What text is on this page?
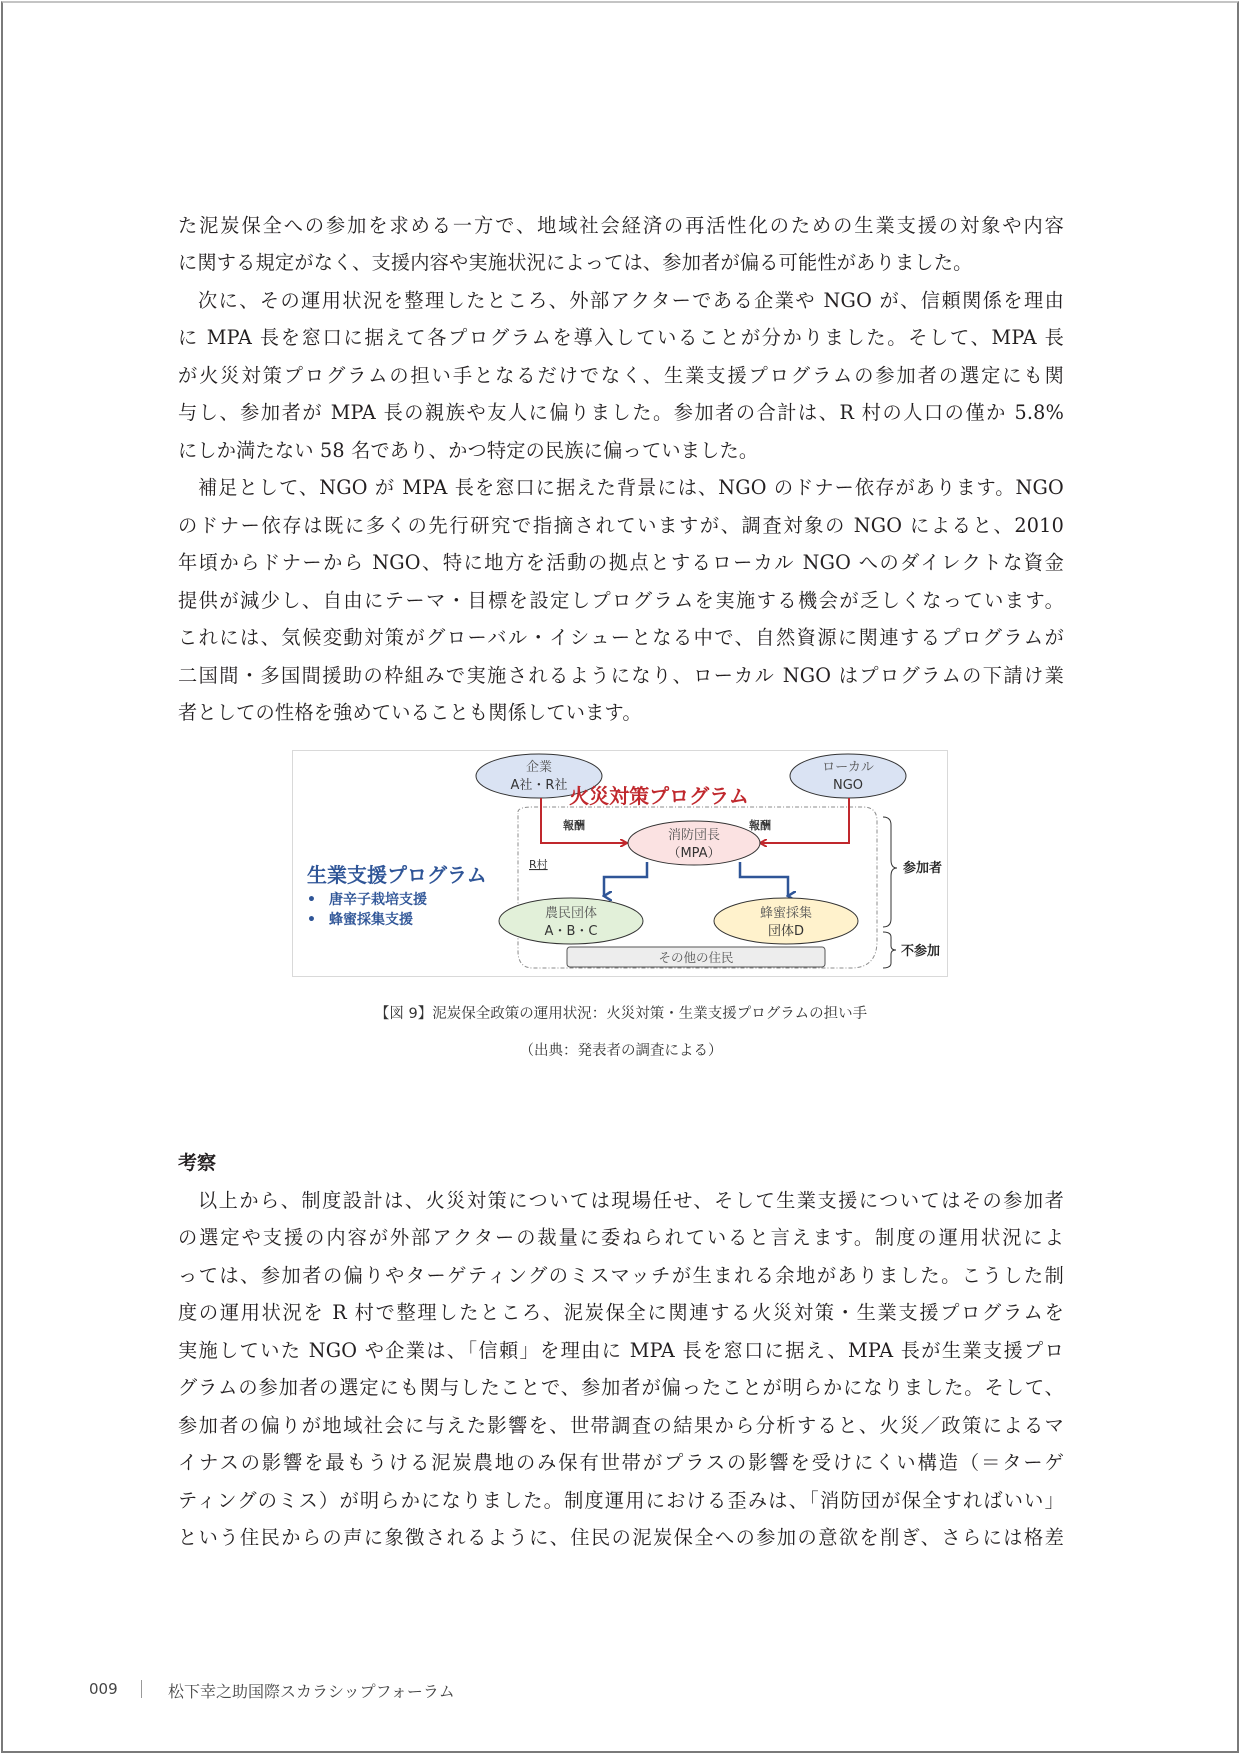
た泥炭保全への参加を求める一方で、地域社会経済の再活性化のための生業支援の対象や内容
に関する規定がなく、支援内容や実施状況によっては、参加者が偏る可能性がありました。
次に、その運用状況を整理したところ、外部アクターである企業や NGO が、信頼関係を理由
に MPA 長を窓口に据えて各プログラムを導入していることが分かりました。そして、MPA 長
が火災対策プログラムの担い手となるだけでなく、生業支援プログラムの参加者の選定にも関
与し、参加者が MPA 長の親族や友人に偏りました。参加者の合計は、R 村の人口の僅か 5.8%
にしか満たない 58 名であり、かつ特定の民族に偏っていました。
補足として、NGO が MPA 長を窓口に据えた背景には、NGO のドナー依存があります。NGO
のドナー依存は既に多くの先行研究で指摘されていますが、調査対象の NGO によると、2010
年頃からドナーから NGO、特に地方を活動の拠点とするローカル NGO へのダイレクトな資金
提供が減少し、自由にテーマ・目標を設定しプログラムを実施する機会が乏しくなっています。
これには、気候変動対策がグローバル・イシューとなる中で、自然資源に関連するプログラムが
二国間・多国間援助の枠組みで実施されるようになり、ローカル NGO はプログラムの下請け業
者としての性格を強めていることも関係しています。
企業
A社・R社
ローカル
NGO
火災対策プログラム
報酬	報酬
消防団長
（MPA）
R村
生業支援プログラム
• 唐辛子栽培支援
• 蜂蜜採集支援	農民団体
A・B・C
蜂蜜採集
団体D
その他の住民
参加者
不参加
【図 9】泥炭保全政策の運用状況：火災対策・生業支援プログラムの担い手
（出典：発表者の調査による）
考察
以上から、制度設計は、火災対策については現場任せ、そして生業支援についてはその参加者
の選定や支援の内容が外部アクターの裁量に委ねられていると言えます。制度の運用状況によ
っては、参加者の偏りやターゲティングのミスマッチが生まれる余地がありました。こうした制
度の運用状況を R 村で整理したところ、泥炭保全に関連する火災対策・生業支援プログラムを
実施していた NGO や企業は、「信頼」を理由に MPA 長を窓口に据え、MPA 長が生業支援プロ
グラムの参加者の選定にも関与したことで、参加者が偏ったことが明らかになりました。そして、
参加者の偏りが地域社会に与えた影響を、世帯調査の結果から分析すると、火災／政策によるマ
イナスの影響を最もうける泥炭農地のみ保有世帯がプラスの影響を受けにくい構造（＝ターゲ
ティングのミス）が明らかになりました。制度運用における歪みは、「消防団が保全すればいい」
という住民からの声に象徴されるように、住民の泥炭保全への参加の意欲を削ぎ、さらには格差
009	松下幸之助国際スカラシップフォーラム
